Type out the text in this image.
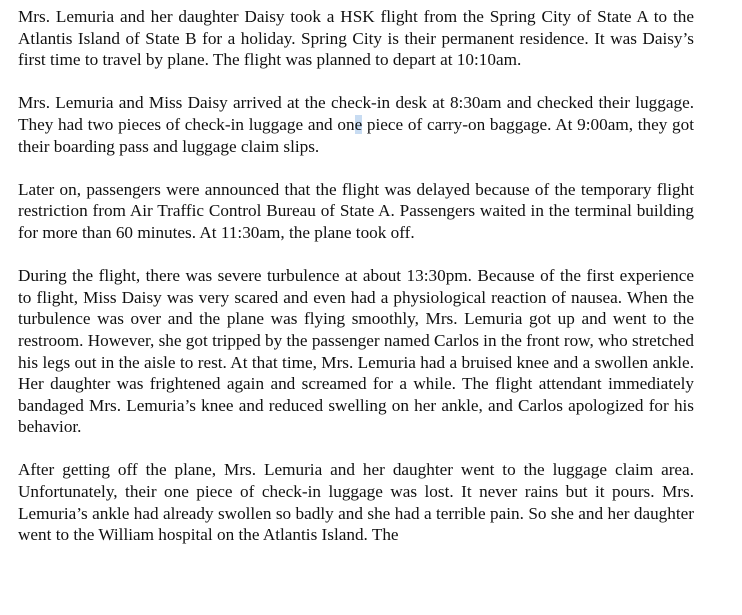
Mrs. Lemuria and her daughter Daisy took a HSK flight from the Spring City of State A to the Atlantis Island of State B for a holiday. Spring City is their permanent residence. It was Daisy’s first time to travel by plane. The flight was planned to depart at 10:10am.

Mrs. Lemuria and Miss Daisy arrived at the check-in desk at 8:30am and checked their luggage. They had two pieces of check-in luggage and one piece of carry-on baggage. At 9:00am, they got their boarding pass and luggage claim slips.

Later on, passengers were announced that the flight was delayed because of the temporary flight restriction from Air Traffic Control Bureau of State A. Passengers waited in the terminal building for more than 60 minutes. At 11:30am, the plane took off.

During the flight, there was severe turbulence at about 13:30pm. Because of the first experience to flight, Miss Daisy was very scared and even had a physiological reaction of nausea. When the turbulence was over and the plane was flying smoothly, Mrs. Lemuria got up and went to the restroom. However, she got tripped by the passenger named Carlos in the front row, who stretched his legs out in the aisle to rest. At that time, Mrs. Lemuria had a bruised knee and a swollen ankle. Her daughter was frightened again and screamed for a while. The flight attendant immediately bandaged Mrs. Lemuria’s knee and reduced swelling on her ankle, and Carlos apologized for his behavior.

After getting off the plane, Mrs. Lemuria and her daughter went to the luggage claim area. Unfortunately, their one piece of check-in luggage was lost. It never rains but it pours. Mrs. Lemuria’s ankle had already swollen so badly and she had a terrible pain. So she and her daughter went to the William hospital on the Atlantis Island. The
